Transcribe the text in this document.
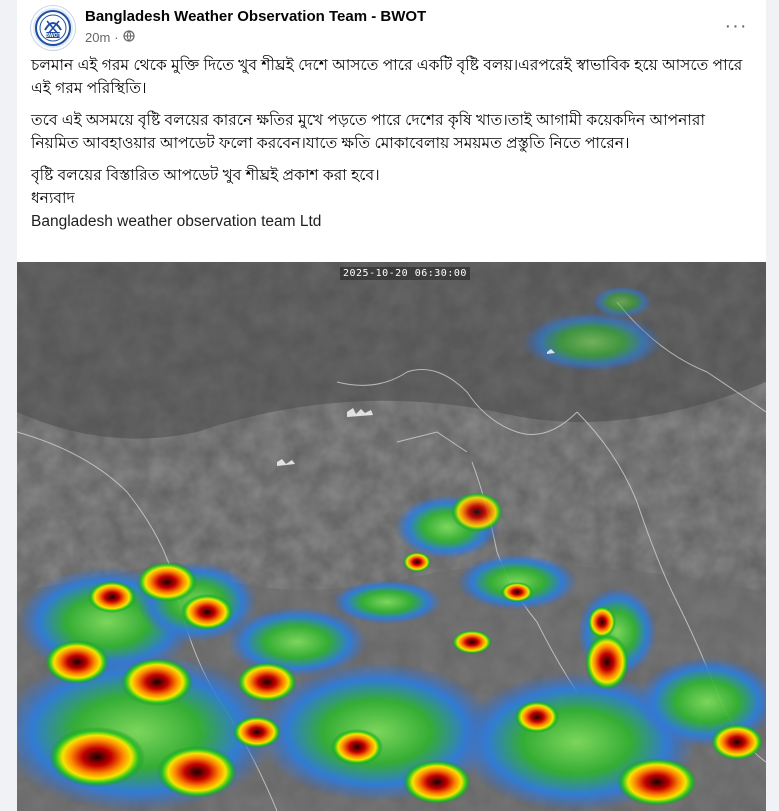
BWOT
Bangladesh Weather Observation Team - BWOT
20m ·
···

চলমান এই গরম থেকে মুক্তি দিতে খুব শীঘ্রই দেশে আসতে পারে একটি বৃষ্টি বলয়।এরপরেই স্বাভাবিক হয়ে আসতে পারে এই গরম পরিস্থিতি।

তবে এই অসময়ে বৃষ্টি বলয়ের কারনে ক্ষতির মুখে পড়তে পারে দেশের কৃষি খাত।তাই আগামী কয়েকদিন আপনারা নিয়মিত আবহাওয়ার আপডেট ফলো করবেন।যাতে ক্ষতি মোকাবেলায় সময়মত প্রস্তুতি নিতে পারেন।

বৃষ্টি বলয়ের বিস্তারিত আপডেট খুব শীঘ্রই প্রকাশ করা হবে।

ধন্যবাদ

Bangladesh weather observation team Ltd

2025-10-20 06:30:00
